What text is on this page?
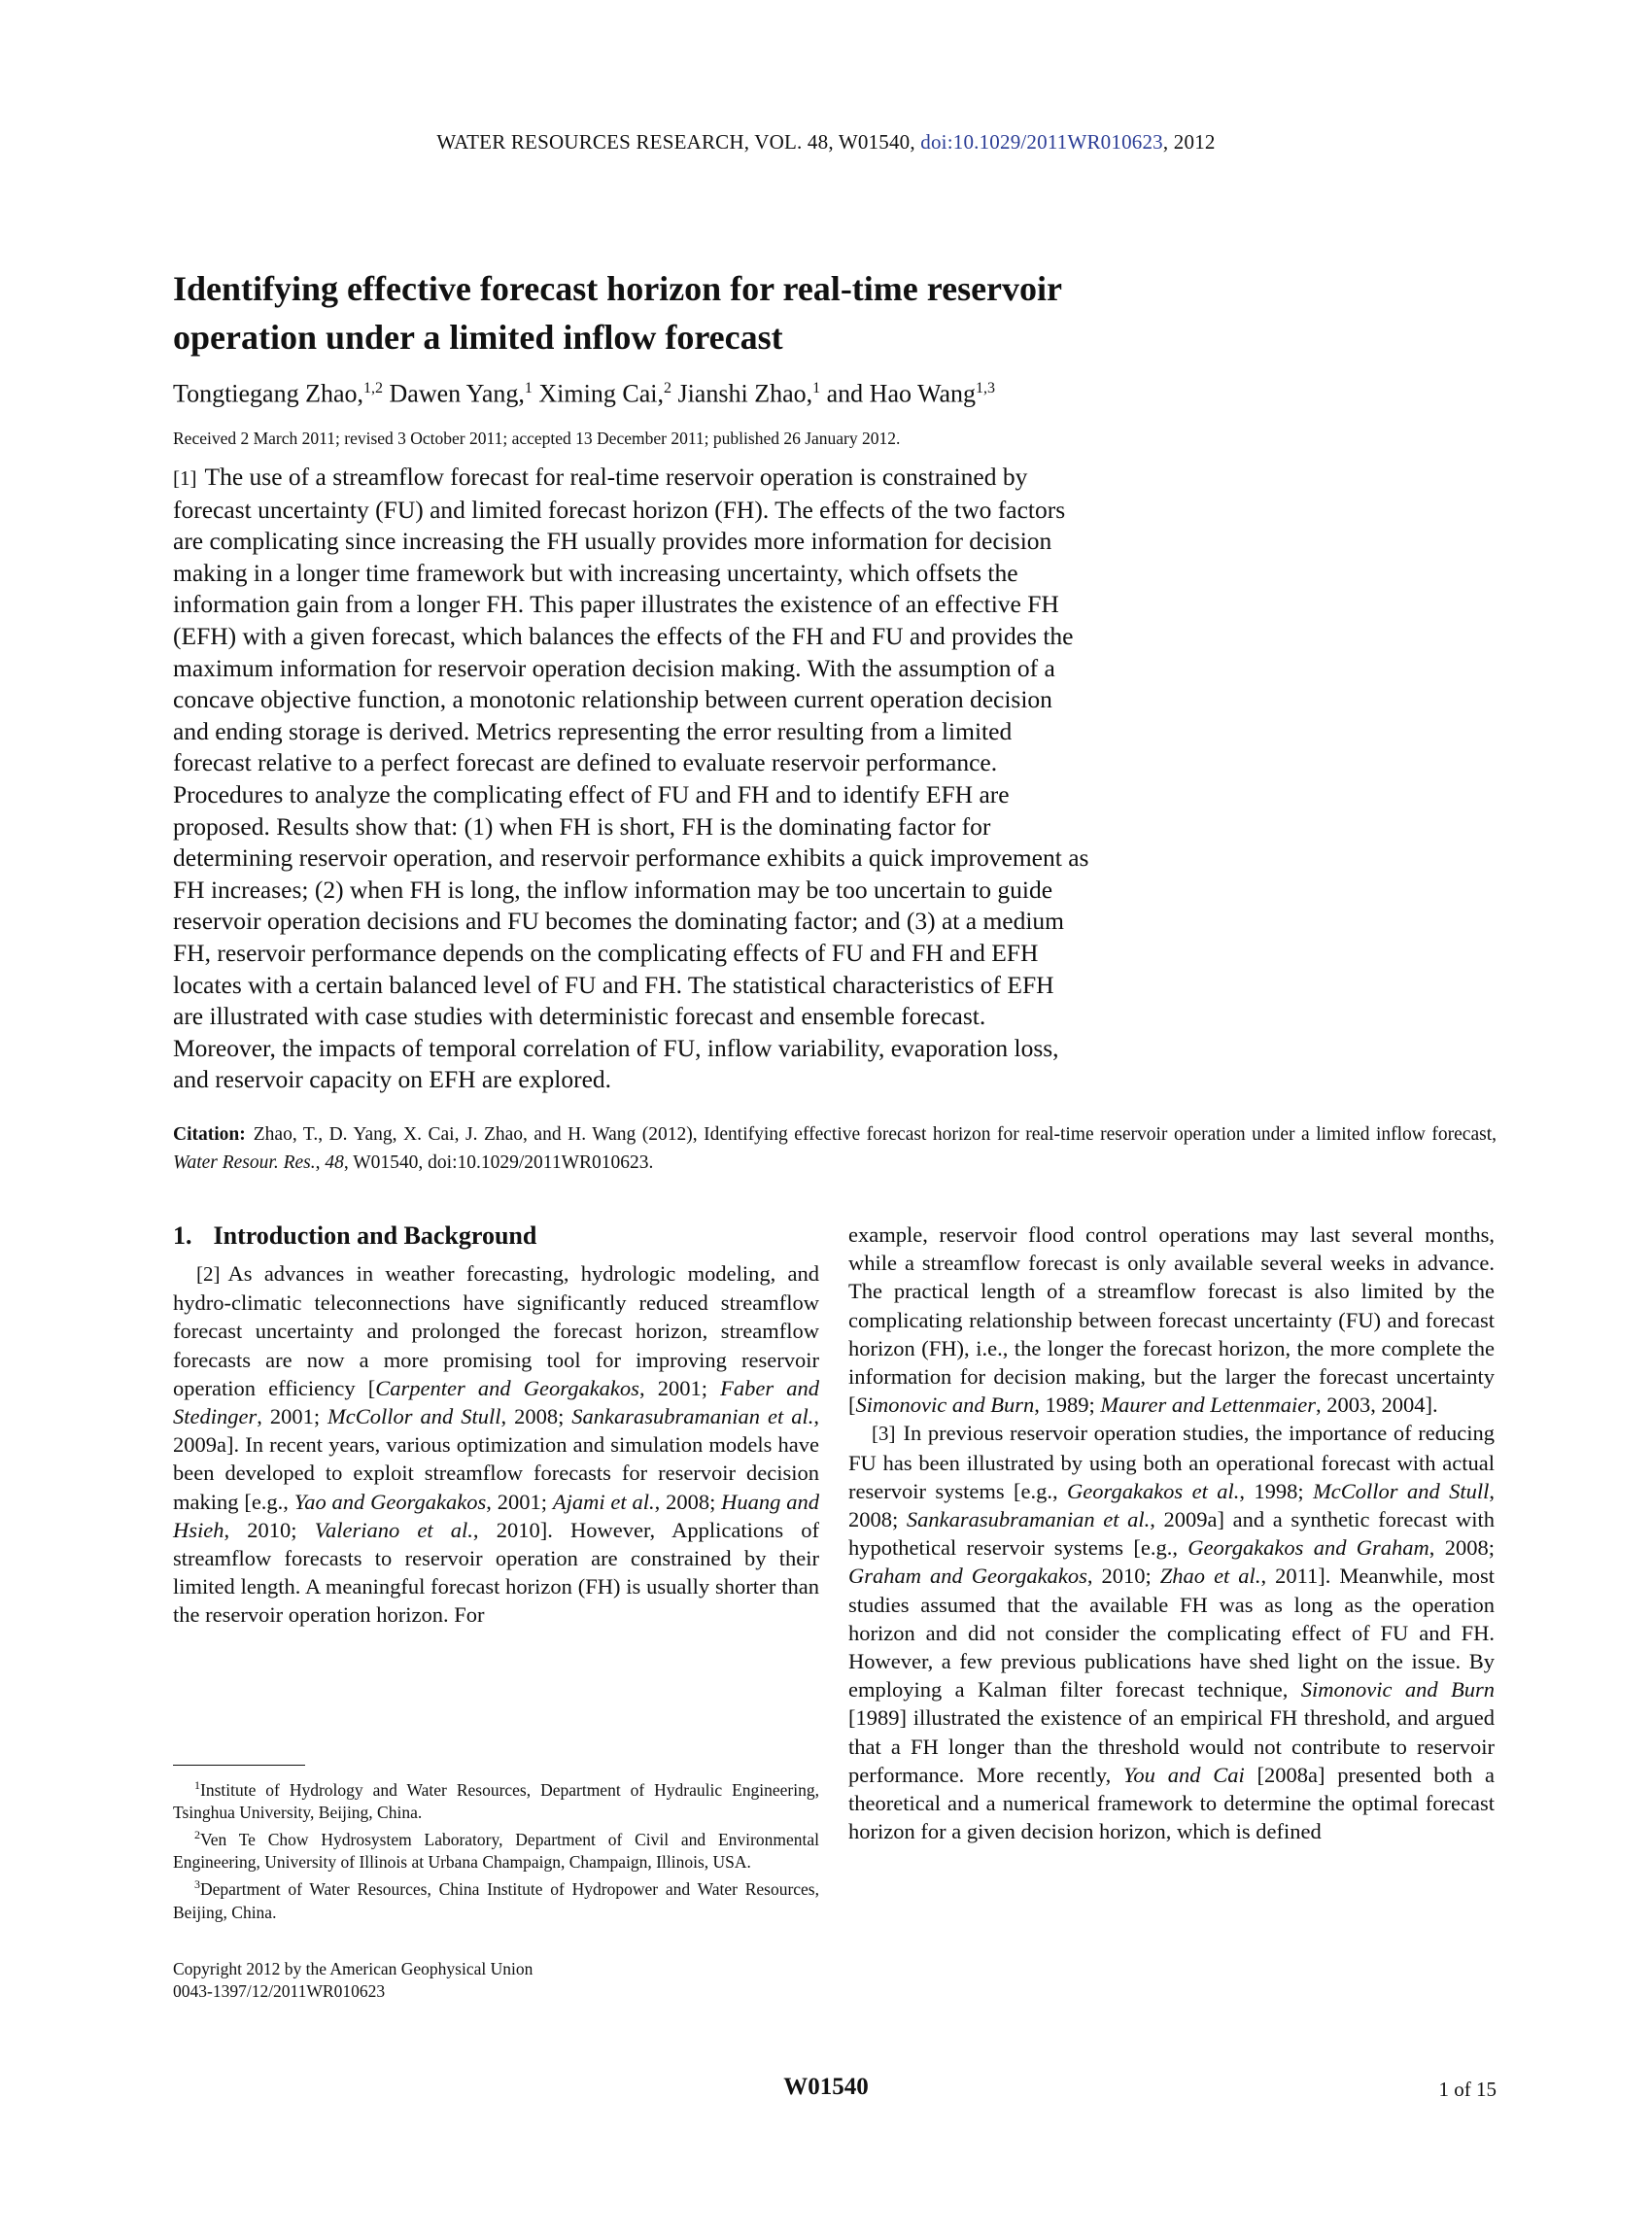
WATER RESOURCES RESEARCH, VOL. 48, W01540, doi:10.1029/2011WR010623, 2012
Identifying effective forecast horizon for real-time reservoir
operation under a limited inflow forecast
Tongtiegang Zhao,$^{1,2}$ Dawen Yang,$^1$ Ximing Cai,$^2$ Jianshi Zhao,$^1$ and Hao Wang$^{1,3}$
Received 2 March 2011; revised 3 October 2011; accepted 13 December 2011; published 26 January 2012.
[1] The use of a streamflow forecast for real-time reservoir operation is constrained by
forecast uncertainty (FU) and limited forecast horizon (FH). The effects of the two factors
are complicating since increasing the FH usually provides more information for decision
making in a longer time framework but with increasing uncertainty, which offsets the
information gain from a longer FH. This paper illustrates the existence of an effective FH
(EFH) with a given forecast, which balances the effects of the FH and FU and provides the
maximum information for reservoir operation decision making. With the assumption of a
concave objective function, a monotonic relationship between current operation decision
and ending storage is derived. Metrics representing the error resulting from a limited
forecast relative to a perfect forecast are defined to evaluate reservoir performance.
Procedures to analyze the complicating effect of FU and FH and to identify EFH are
proposed. Results show that: (1) when FH is short, FH is the dominating factor for
determining reservoir operation, and reservoir performance exhibits a quick improvement as
FH increases; (2) when FH is long, the inflow information may be too uncertain to guide
reservoir operation decisions and FU becomes the dominating factor; and (3) at a medium
FH, reservoir performance depends on the complicating effects of FU and FH and EFH
locates with a certain balanced level of FU and FH. The statistical characteristics of EFH
are illustrated with case studies with deterministic forecast and ensemble forecast.
Moreover, the impacts of temporal correlation of FU, inflow variability, evaporation loss,
and reservoir capacity on EFH are explored.

Citation: Zhao, T., D. Yang, X. Cai, J. Zhao, and H. Wang (2012), Identifying effective forecast horizon for real-time reservoir operation under a limited inflow forecast, Water Resour. Res., 48, W01540, doi:10.1029/2011WR010623.

1. Introduction and Background

[2] As advances in weather forecasting, hydrologic modeling, and hydro-climatic teleconnections have significantly reduced streamflow forecast uncertainty and prolonged the forecast horizon, streamflow forecasts are now a more promising tool for improving reservoir operation efficiency [Carpenter and Georgakakos, 2001; Faber and Stedinger, 2001; McCollor and Stull, 2008; Sankarasubramanian et al., 2009a]. In recent years, various optimization and simulation models have been developed to exploit streamflow forecasts for reservoir decision making [e.g., Yao and Georgakakos, 2001; Ajami et al., 2008; Huang and Hsieh, 2010; Valeriano et al., 2010]. However, Applications of streamflow forecasts to reservoir operation are constrained by their limited length. A meaningful forecast horizon (FH) is usually shorter than the reservoir operation horizon. For

$^1$Institute of Hydrology and Water Resources, Department of Hydraulic Engineering, Tsinghua University, Beijing, China.

$^2$Ven Te Chow Hydrosystem Laboratory, Department of Civil and Environmental Engineering, University of Illinois at Urbana Champaign, Champaign, Illinois, USA.

$^3$Department of Water Resources, China Institute of Hydropower and Water Resources, Beijing, China.

Copyright 2012 by the American Geophysical Union
0043-1397/12/2011WR010623

example, reservoir flood control operations may last several months, while a streamflow forecast is only available several weeks in advance. The practical length of a streamflow forecast is also limited by the complicating relationship between forecast uncertainty (FU) and forecast horizon (FH), i.e., the longer the forecast horizon, the more complete the information for decision making, but the larger the forecast uncertainty [Simonovic and Burn, 1989; Maurer and Lettenmaier, 2003, 2004].

[3] In previous reservoir operation studies, the importance of reducing FU has been illustrated by using both an operational forecast with actual reservoir systems [e.g., Georgakakos et al., 1998; McCollor and Stull, 2008; Sankarasubramanian et al., 2009a] and a synthetic forecast with hypothetical reservoir systems [e.g., Georgakakos and Graham, 2008; Graham and Georgakakos, 2010; Zhao et al., 2011]. Meanwhile, most studies assumed that the available FH was as long as the operation horizon and did not consider the complicating effect of FU and FH. However, a few previous publications have shed light on the issue. By employing a Kalman filter forecast technique, Simonovic and Burn [1989] illustrated the existence of an empirical FH threshold, and argued that a FH longer than the threshold would not contribute to reservoir performance. More recently, You and Cai [2008a] presented both a theoretical and a numerical framework to determine the optimal forecast horizon for a given decision horizon, which is defined

W01540	1 of 15
